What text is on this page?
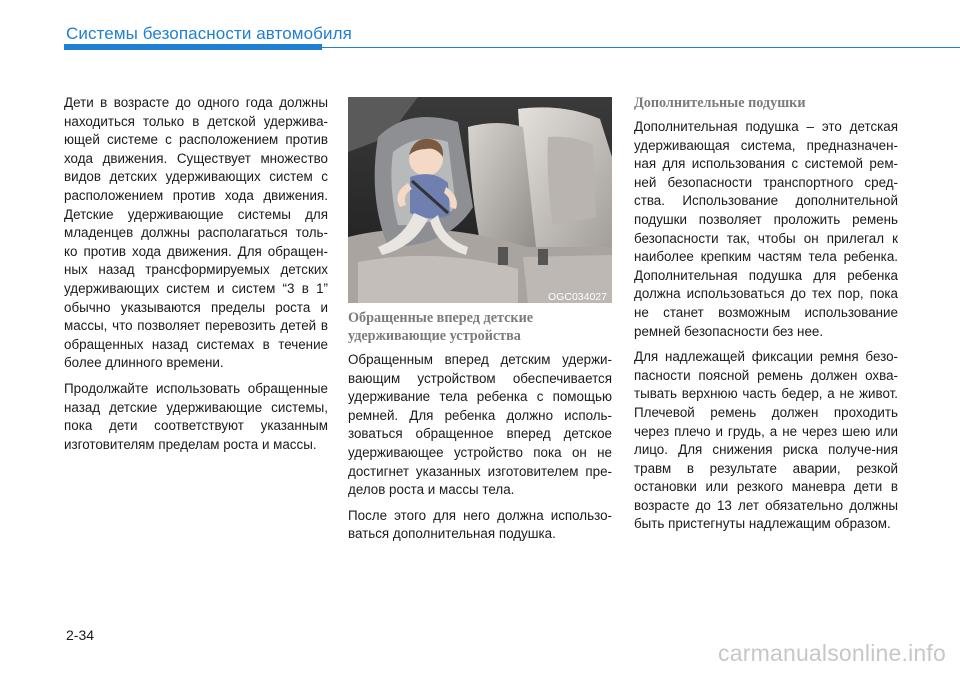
Системы безопасности автомобиля

Дети в возрасте до одного года должны находиться только в детской удержива-ющей системе с расположением против хода движения. Существует множество видов детских удерживающих систем с расположением против хода движения. Детские удерживающие системы для младенцев должны располагаться толь-ко против хода движения. Для обращен-ных назад трансформируемых детских удерживающих систем и систем “3 в 1” обычно указываются пределы роста и массы, что позволяет перевозить детей в обращенных назад системах в течение более длинного времени.

Продолжайте использовать обращенные назад детские удерживающие системы, пока дети соответствуют указанным изготовителям пределам роста и массы.

OGC034027
Обращенные вперед детские удерживающие устройства

Обращенным вперед детским удержи-вающим устройством обеспечивается удерживание тела ребенка с помощью ремней. Для ребенка должно исполь-зоваться обращенное вперед детское удерживающее устройство пока он не достигнет указанных изготовителем пре-делов роста и массы тела.

После этого для него должна использо-ваться дополнительная подушка.

Дополнительные подушки

Дополнительная подушка – это детская удерживающая система, предназначен-ная для использования с системой рем-ней безопасности транспортного сред-ства. Использование дополнительной подушки позволяет проложить ремень безопасности так, чтобы он прилегал к наиболее крепким частям тела ребенка. Дополнительная подушка для ребенка должна использоваться до тех пор, пока не станет возможным использование ремней безопасности без нее.

Для надлежащей фиксации ремня безо-пасности поясной ремень должен охва-тывать верхнюю часть бедер, а не живот. Плечевой ремень должен проходить через плечо и грудь, а не через шею или лицо. Для снижения риска получе-ния травм в результате аварии, резкой остановки или резкого маневра дети в возрасте до 13 лет обязательно должны быть пристегнуты надлежащим образом.

2-34
carmanualsonline.info
